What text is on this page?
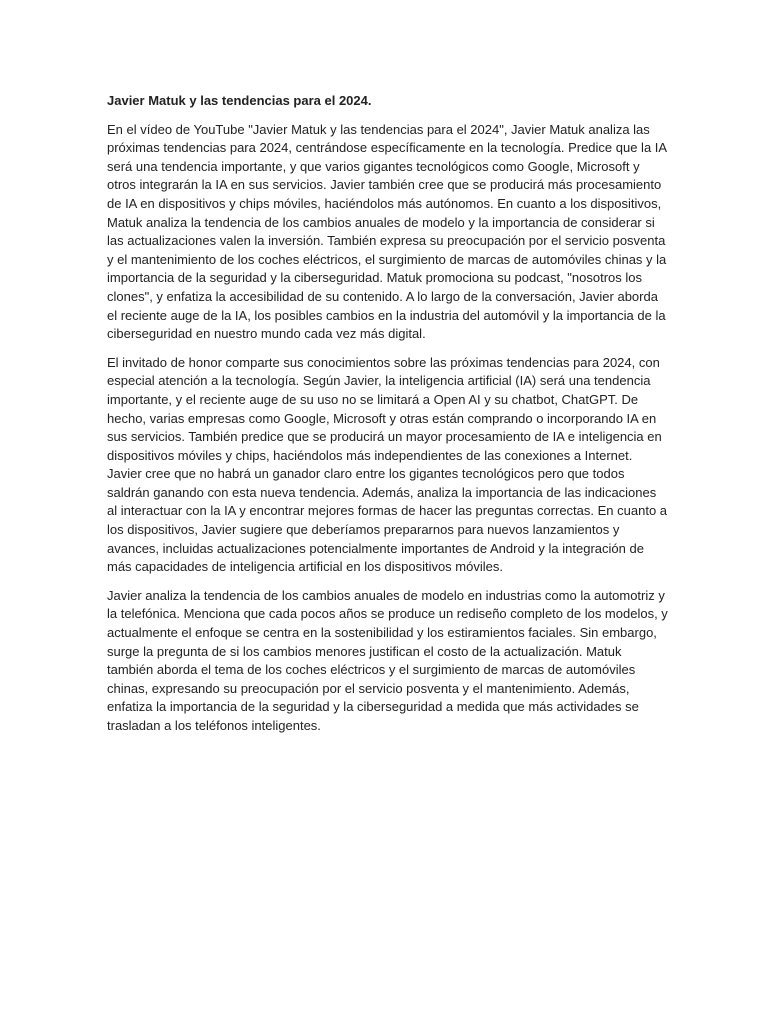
Javier Matuk y las tendencias para el 2024.

En el vídeo de YouTube "Javier Matuk y las tendencias para el 2024", Javier Matuk analiza las próximas tendencias para 2024, centrándose específicamente en la tecnología. Predice que la IA será una tendencia importante, y que varios gigantes tecnológicos como Google, Microsoft y otros integrarán la IA en sus servicios. Javier también cree que se producirá más procesamiento de IA en dispositivos y chips móviles, haciéndolos más autónomos. En cuanto a los dispositivos, Matuk analiza la tendencia de los cambios anuales de modelo y la importancia de considerar si las actualizaciones valen la inversión. También expresa su preocupación por el servicio posventa y el mantenimiento de los coches eléctricos, el surgimiento de marcas de automóviles chinas y la importancia de la seguridad y la ciberseguridad. Matuk promociona su podcast, "nosotros los clones", y enfatiza la accesibilidad de su contenido. A lo largo de la conversación, Javier aborda el reciente auge de la IA, los posibles cambios en la industria del automóvil y la importancia de la ciberseguridad en nuestro mundo cada vez más digital.

El invitado de honor comparte sus conocimientos sobre las próximas tendencias para 2024, con especial atención a la tecnología. Según Javier, la inteligencia artificial (IA) será una tendencia importante, y el reciente auge de su uso no se limitará a Open AI y su chatbot, ChatGPT. De hecho, varias empresas como Google, Microsoft y otras están comprando o incorporando IA en sus servicios. También predice que se producirá un mayor procesamiento de IA e inteligencia en dispositivos móviles y chips, haciéndolos más independientes de las conexiones a Internet. Javier cree que no habrá un ganador claro entre los gigantes tecnológicos pero que todos saldrán ganando con esta nueva tendencia. Además, analiza la importancia de las indicaciones al interactuar con la IA y encontrar mejores formas de hacer las preguntas correctas. En cuanto a los dispositivos, Javier sugiere que deberíamos prepararnos para nuevos lanzamientos y avances, incluidas actualizaciones potencialmente importantes de Android y la integración de más capacidades de inteligencia artificial en los dispositivos móviles.

Javier analiza la tendencia de los cambios anuales de modelo en industrias como la automotriz y la telefónica. Menciona que cada pocos años se produce un rediseño completo de los modelos, y actualmente el enfoque se centra en la sostenibilidad y los estiramientos faciales. Sin embargo, surge la pregunta de si los cambios menores justifican el costo de la actualización. Matuk también aborda el tema de los coches eléctricos y el surgimiento de marcas de automóviles chinas, expresando su preocupación por el servicio posventa y el mantenimiento. Además, enfatiza la importancia de la seguridad y la ciberseguridad a medida que más actividades se trasladan a los teléfonos inteligentes.
